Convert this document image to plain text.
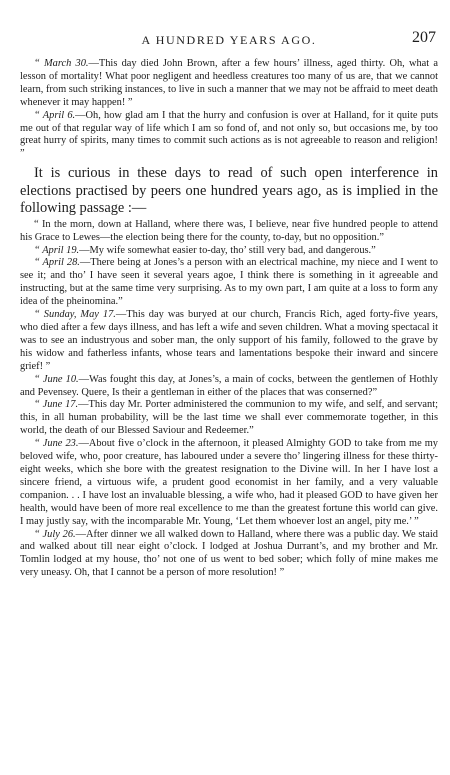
A HUNDRED YEARS AGO.	207

“ March 30.—This day died John Brown, after a few hours’ illness, aged thirty. Oh, what a lesson of mortality! What poor negligent and heedless creatures too many of us are, that we cannot learn, from such striking instances, to live in such a manner that we may not be affraid to meet death whenever it may happen! ”

“ April 6.—Oh, how glad am I that the hurry and confusion is over at Halland, for it quite puts me out of that regular way of life which I am so fond of, and not only so, but occasions me, by too great hurry of spirits, many times to commit such actions as is not agreeable to reason and religion! ”

It is curious in these days to read of such open interference in elections practised by peers one hundred years ago, as is implied in the following passage :—

“ In the morn, down at Halland, where there was, I believe, near five hundred people to attend his Grace to Lewes—the election being there for the county, to-day, but no opposition.”

“ April 19.—My wife somewhat easier to-day, tho’ still very bad, and dangerous.”

“ April 28.—There being at Jones’s a person with an electrical machine, my niece and I went to see it; and tho’ I have seen it several years agoe, I think there is something in it agreeable and instructing, but at the same time very surprising. As to my own part, I am quite at a loss to form any idea of the pheinomina.”

“ Sunday, May 17.—This day was buryed at our church, Francis Rich, aged forty-five years, who died after a few days illness, and has left a wife and seven children. What a moving spectacal it was to see an industryous and sober man, the only support of his family, followed to the grave by his widow and fatherless infants, whose tears and lamentations bespoke their inward and sincere grief! ”

“ June 10.—Was fought this day, at Jones’s, a main of cocks, between the gentlemen of Hothly and Pevensey. Quere, Is their a gentleman in either of the places that was conserned?”

“ June 17.—This day Mr. Porter administered the communion to my wife, and self, and servant; this, in all human probability, will be the last time we shall ever commemorate together, in this world, the death of our Blessed Saviour and Redeemer.”

“ June 23.—About five o’clock in the afternoon, it pleased Almighty GOD to take from me my beloved wife, who, poor creature, has laboured under a severe tho’ lingering illness for these thirty-eight weeks, which she bore with the greatest resignation to the Divine will. In her I have lost a sincere friend, a virtuous wife, a prudent good economist in her family, and a very valuable companion. . . I have lost an invaluable blessing, a wife who, had it pleased GOD to have given her health, would have been of more real excellence to me than the greatest fortune this world can give. I may justly say, with the incomparable Mr. Young, ‘Let them whoever lost an angel, pity me.’ ”

“ July 26.—After dinner we all walked down to Halland, where there was a public day. We staid and walked about till near eight o’clock. I lodged at Joshua Durrant’s, and my brother and Mr. Tomlin lodged at my house, tho’ not one of us went to bed sober; which folly of mine makes me very uneasy. Oh, that I cannot be a person of more resolution! ”
